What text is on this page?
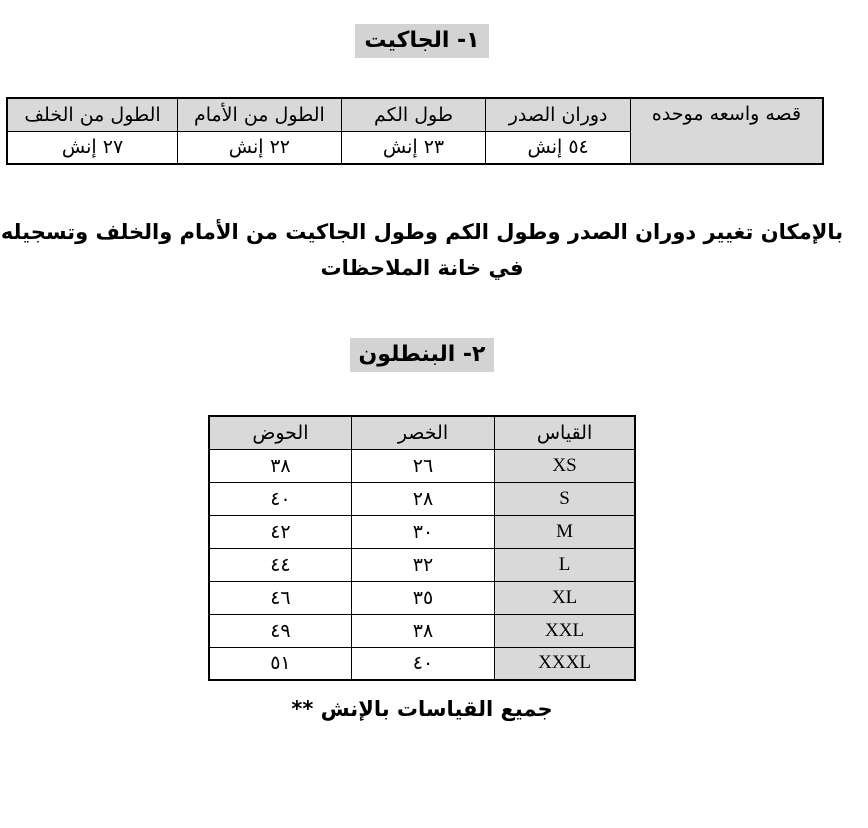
١- الجاكيت
الطول من الخلف	الطول من الأمام	طول الكم	دوران الصدر	قصه واسعه موحده
٢٧ إنش	٢٢ إنش	٢٣ إنش	٥٤ إنش	
بالإمكان تغيير دوران الصدر وطول الكم وطول الجاكيت من الأمام والخلف وتسجيله
في خانة الملاحظات
٢- البنطلون
الحوض	الخصر	القياس
٣٨	٢٦	XS
٤٠	٢٨	S
٤٢	٣٠	M
٤٤	٣٢	L
٤٦	٣٥	XL
٤٩	٣٨	XXL
٥١	٤٠	XXXL
** جميع القياسات بالإنش
